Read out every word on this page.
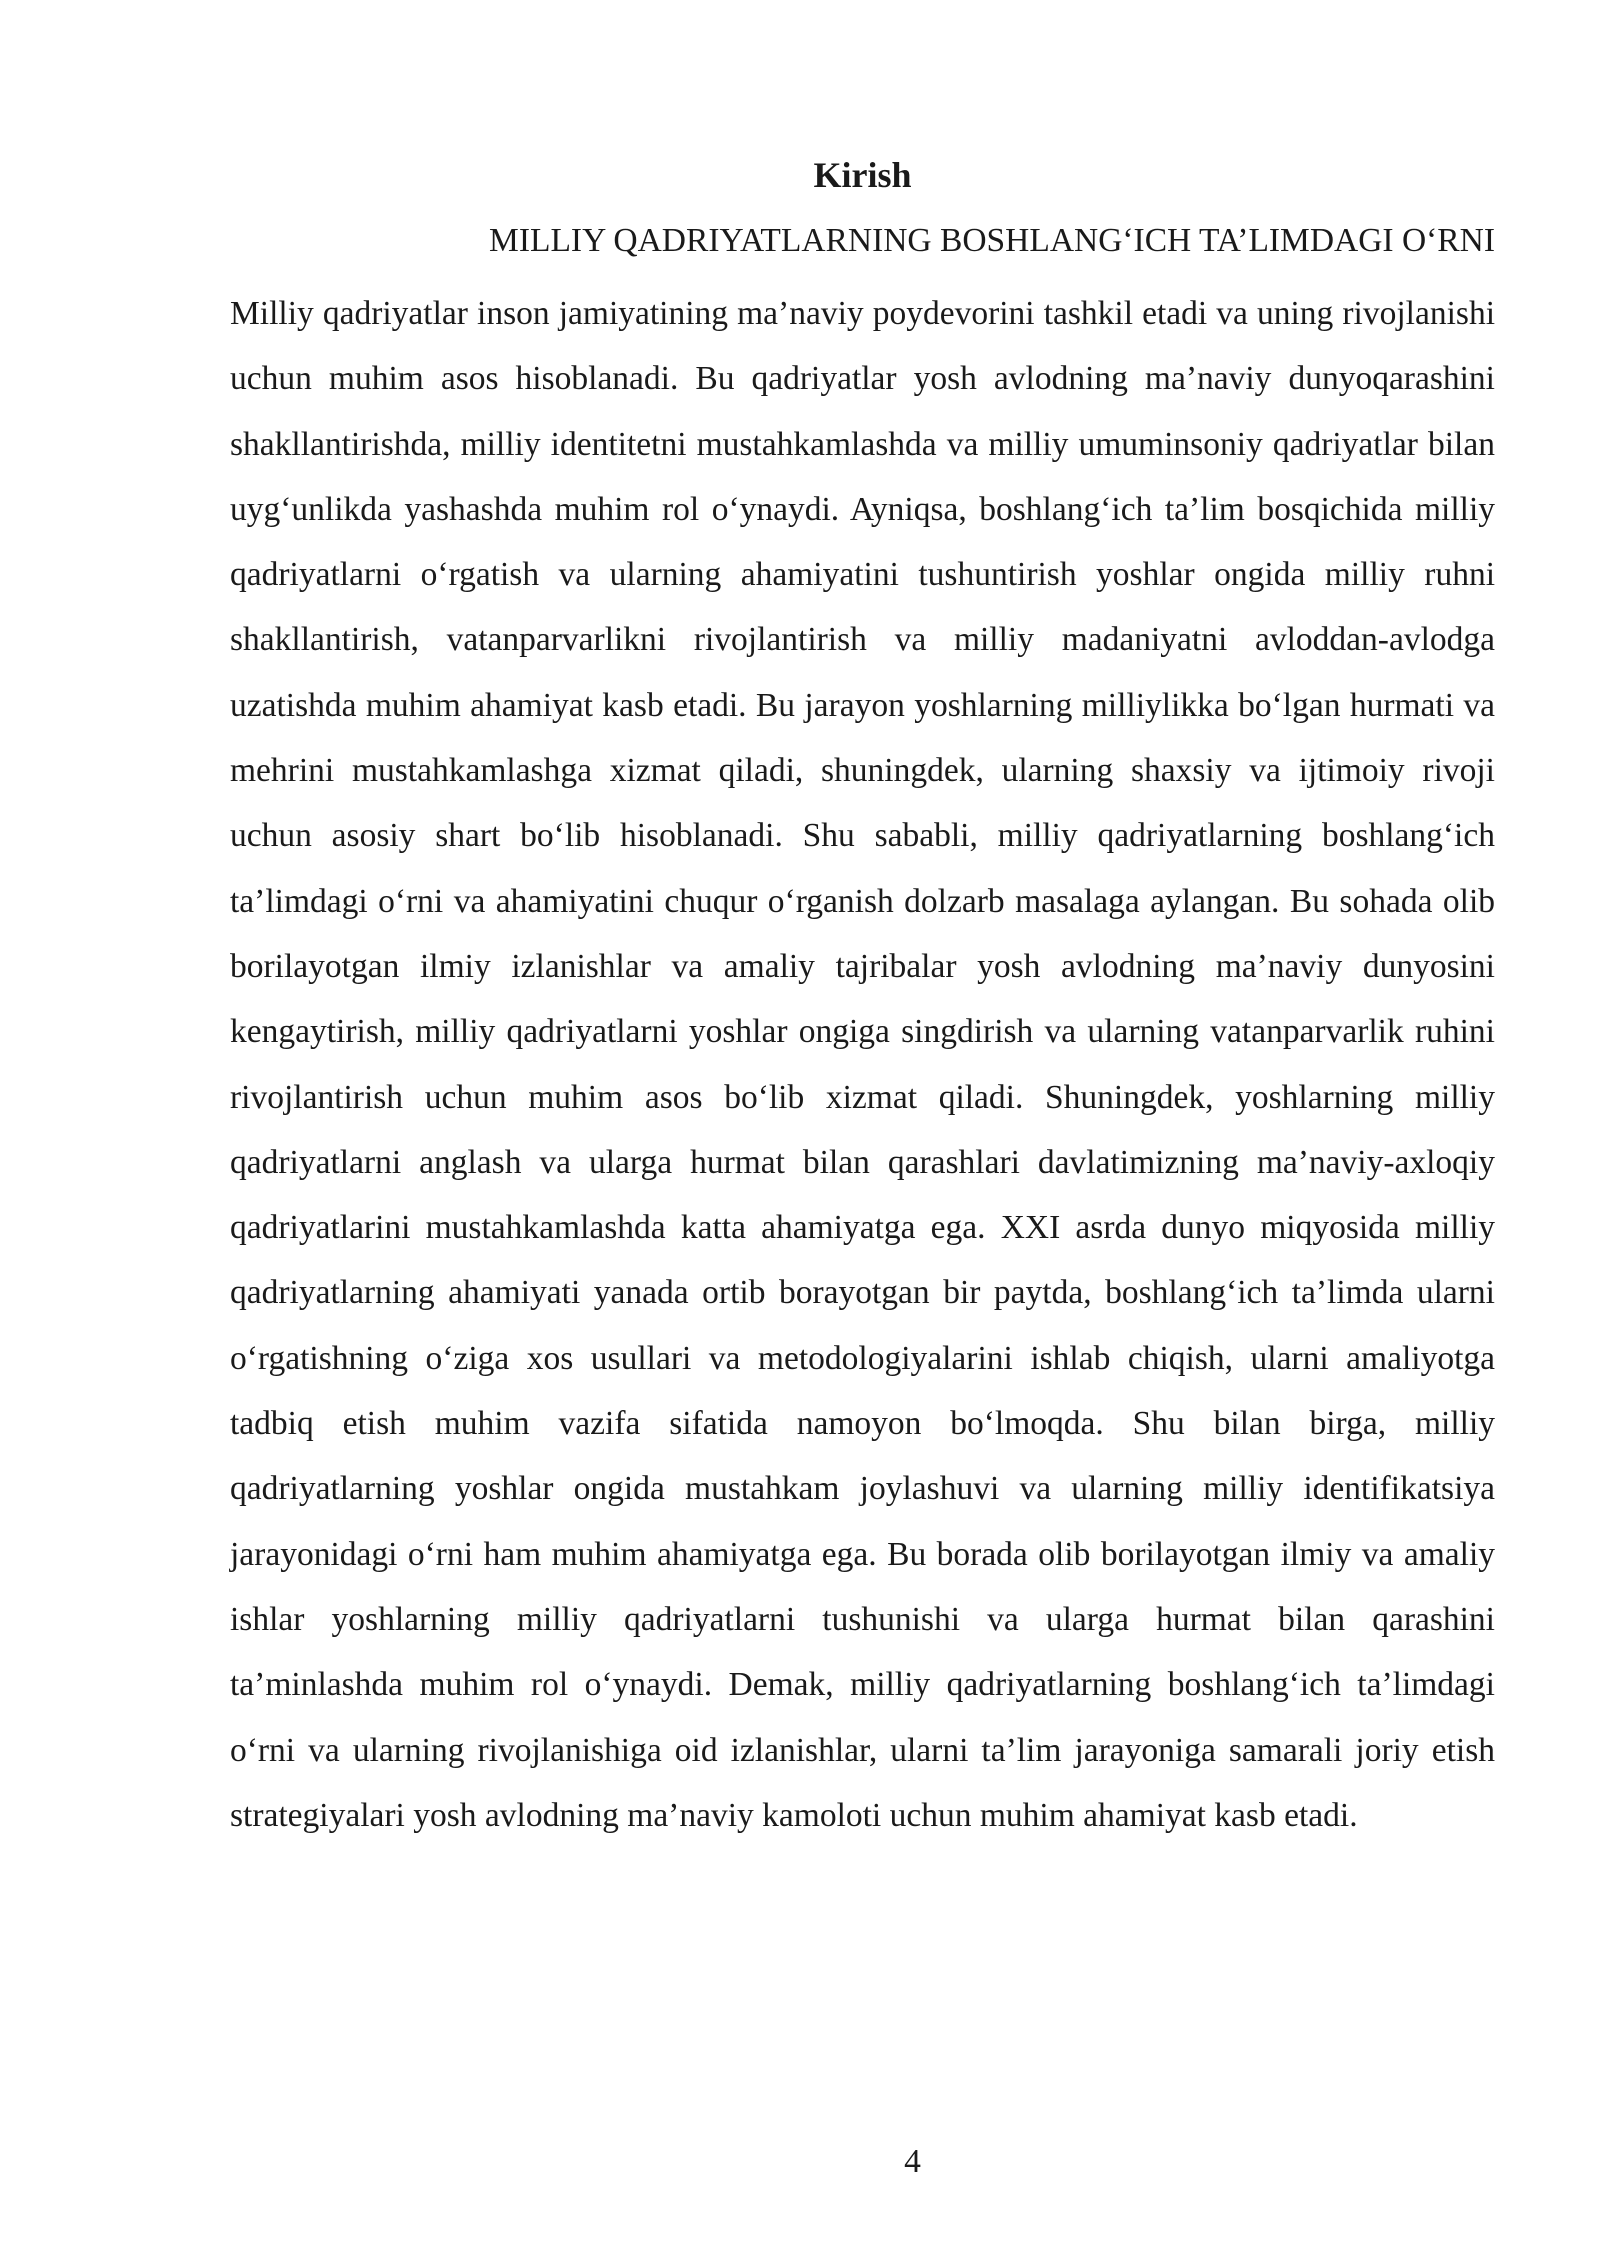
Kirish

MILLIY QADRIYATLARNING BOSHLANG‘ICH TA’LIMDAGI O‘RNI

Milliy qadriyatlar inson jamiyatining ma’naviy poydevorini tashkil etadi va uning rivojlanishi uchun muhim asos hisoblanadi. Bu qadriyatlar yosh avlodning ma’naviy dunyoqarashini shakllantirishda, milliy identitetni mustahkamlashda va milliy umuminsoniy qadriyatlar bilan uyg‘unlikda yashashda muhim rol o‘ynaydi. Ayniqsa, boshlang‘ich ta’lim bosqichida milliy qadriyatlarni o‘rgatish va ularning ahamiyatini tushuntirish yoshlar ongida milliy ruhni shakllantirish, vatanparvarlikni rivojlantirish va milliy madaniyatni avloddan-avlodga uzatishda muhim ahamiyat kasb etadi. Bu jarayon yoshlarning milliylikka bo‘lgan hurmati va mehrini mustahkamlashga xizmat qiladi, shuningdek, ularning shaxsiy va ijtimoiy rivoji uchun asosiy shart bo‘lib hisoblanadi. Shu sababli, milliy qadriyatlarning boshlang‘ich ta’limdagi o‘rni va ahamiyatini chuqur o‘rganish dolzarb masalaga aylangan. Bu sohada olib borilayotgan ilmiy izlanishlar va amaliy tajribalar yosh avlodning ma’naviy dunyosini kengaytirish, milliy qadriyatlarni yoshlar ongiga singdirish va ularning vatanparvarlik ruhini rivojlantirish uchun muhim asos bo‘lib xizmat qiladi. Shuningdek, yoshlarning milliy qadriyatlarni anglash va ularga hurmat bilan qarashlari davlatimizning ma’naviy-axloqiy qadriyatlarini mustahkamlashda katta ahamiyatga ega. XXI asrda dunyo miqyosida milliy qadriyatlarning ahamiyati yanada ortib borayotgan bir paytda, boshlang‘ich ta’limda ularni o‘rgatishning o‘ziga xos usullari va metodologiyalarini ishlab chiqish, ularni amaliyotga tadbiq etish muhim vazifa sifatida namoyon bo‘lmoqda. Shu bilan birga, milliy qadriyatlarning yoshlar ongida mustahkam joylashuvi va ularning milliy identifikatsiya jarayonidagi o‘rni ham muhim ahamiyatga ega. Bu borada olib borilayotgan ilmiy va amaliy ishlar yoshlarning milliy qadriyatlarni tushunishi va ularga hurmat bilan qarashini ta’minlashda muhim rol o‘ynaydi. Demak, milliy qadriyatlarning boshlang‘ich ta’limdagi o‘rni va ularning rivojlanishiga oid izlanishlar, ularni ta’lim jarayoniga samarali joriy etish strategiyalari yosh avlodning ma’naviy kamoloti uchun muhim ahamiyat kasb etadi.

4
